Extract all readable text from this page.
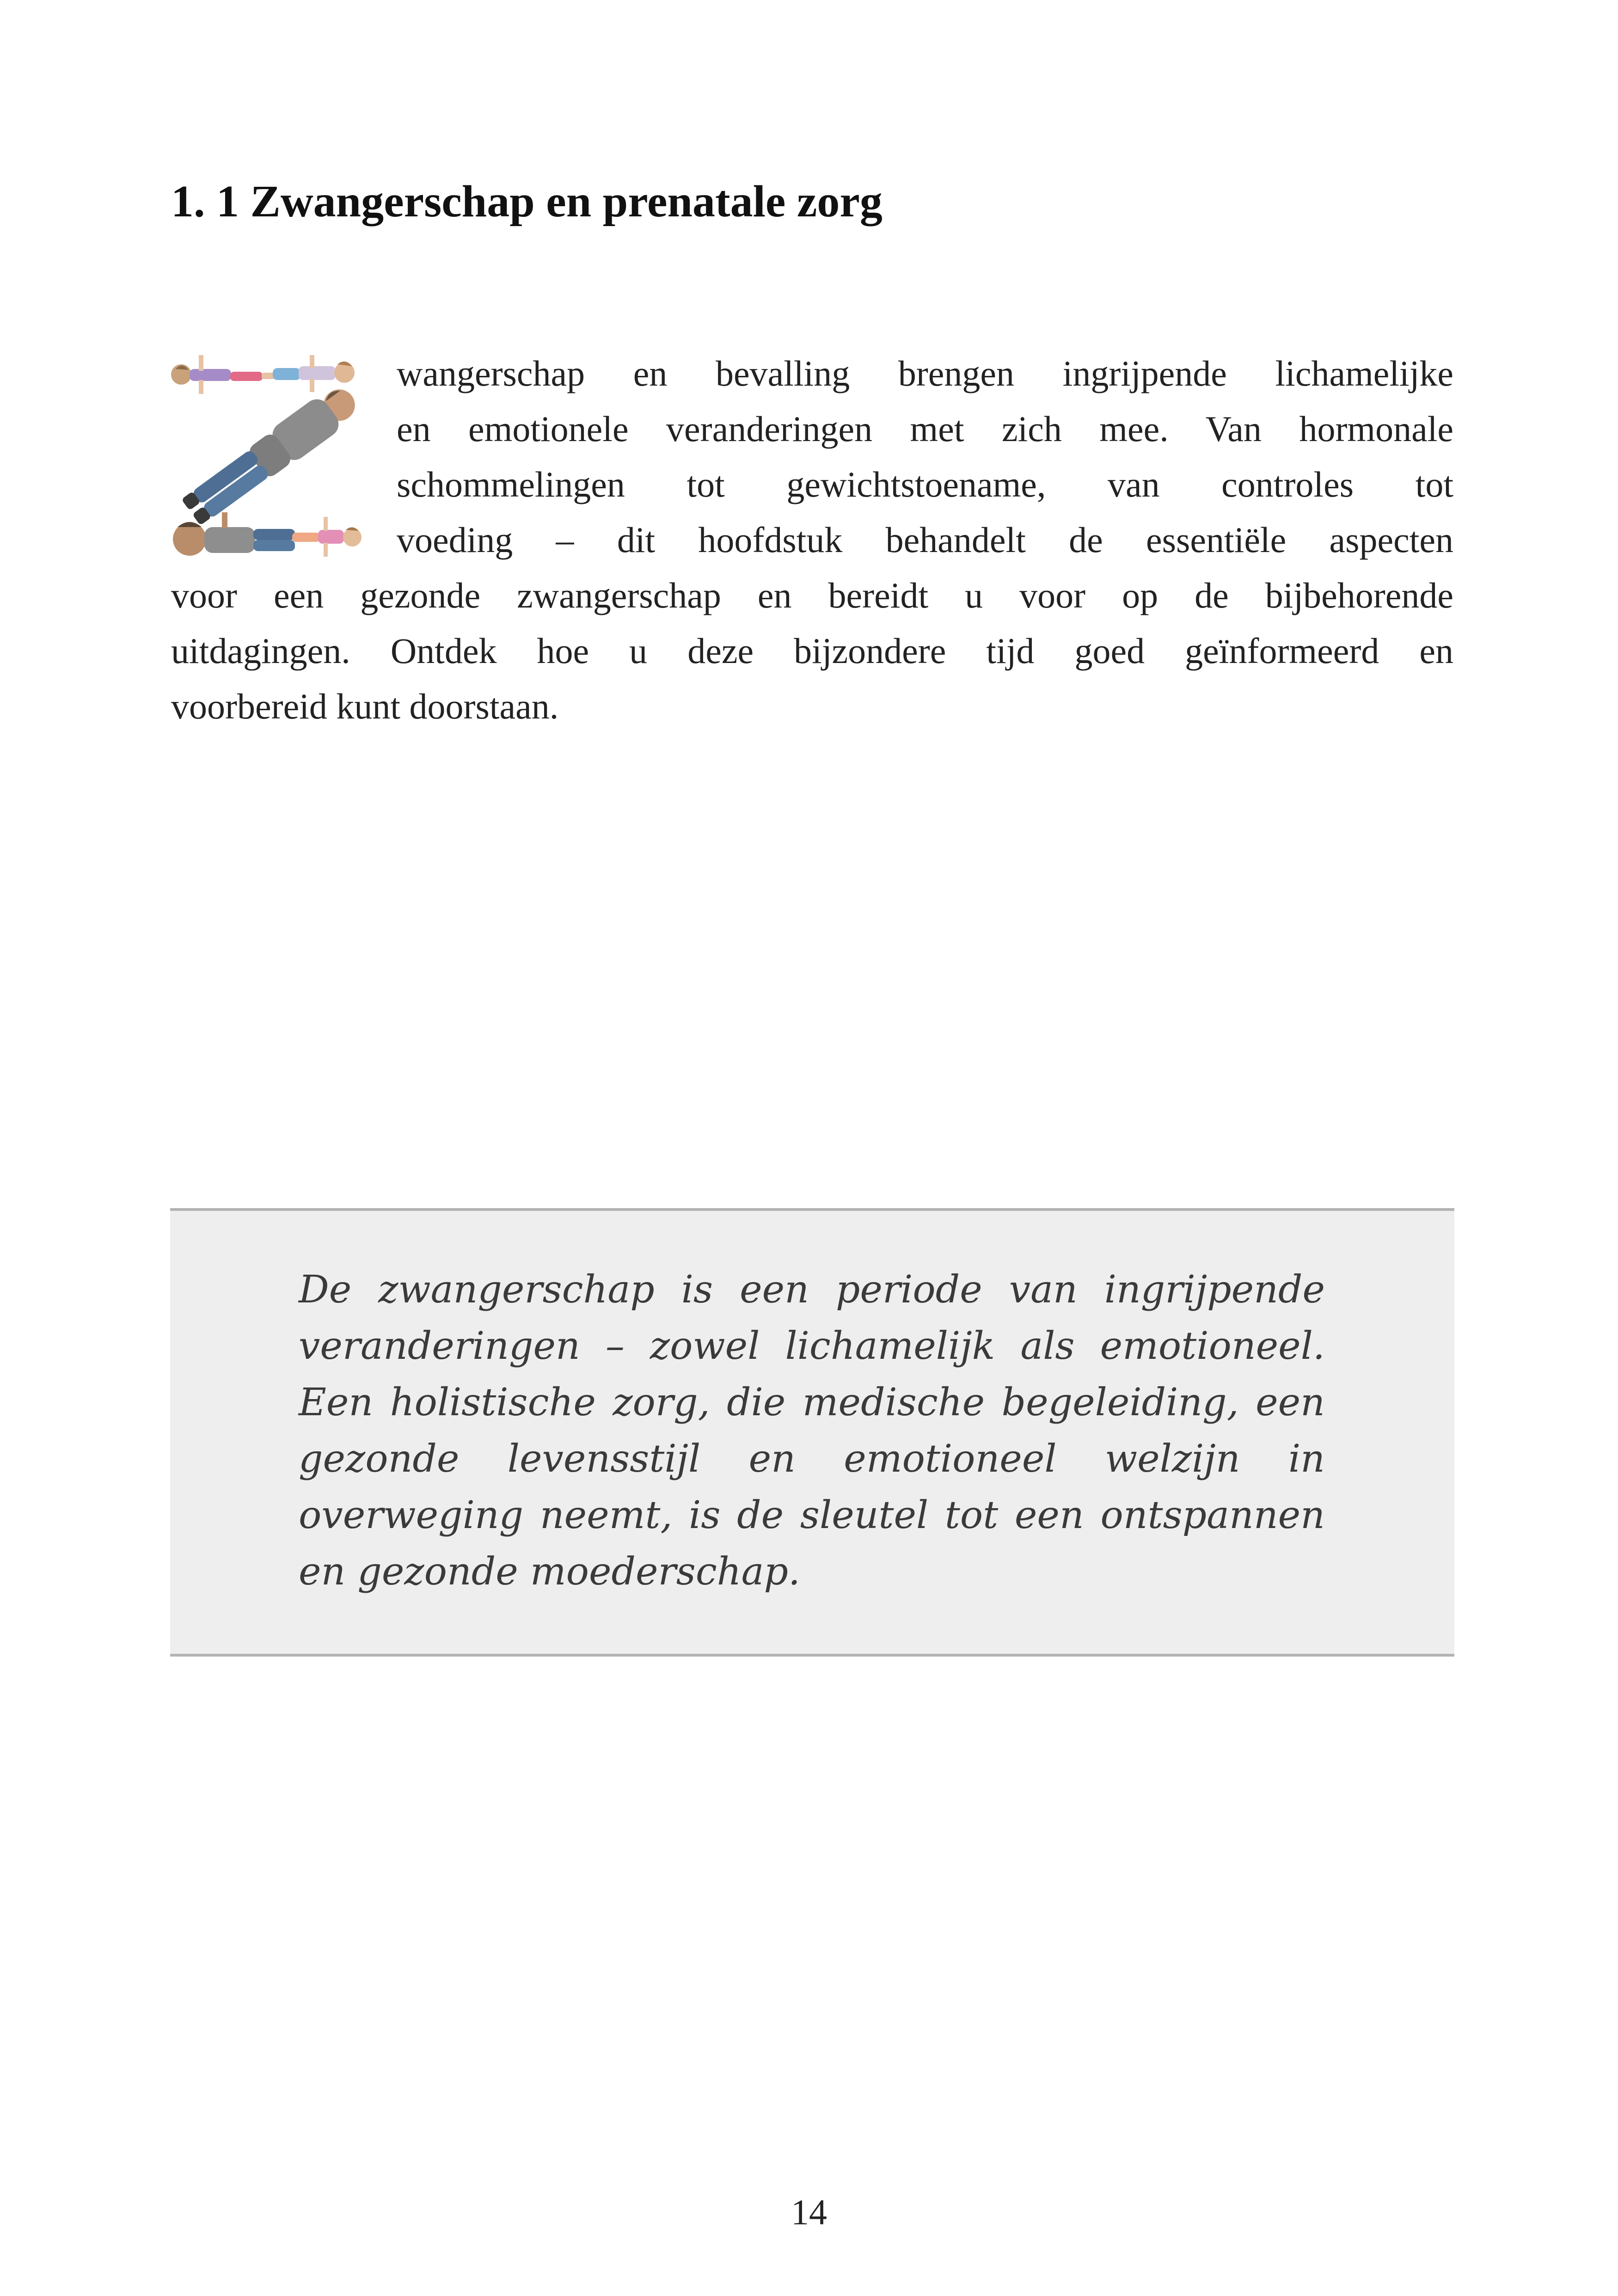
1. 1 Zwangerschap en prenatale zorg
wangerschap en bevalling brengen ingrijpende lichamelijke
en emotionele veranderingen met zich mee. Van hormonale
schommelingen tot gewichtstoename, van controles tot
voeding – dit hoofdstuk behandelt de essentiële aspecten
voor een gezonde zwangerschap en bereidt u voor op de bijbehorende
uitdagingen. Ontdek hoe u deze bijzondere tijd goed geïnformeerd en
voorbereid kunt doorstaan.
De zwangerschap is een periode van ingrijpende
veranderingen – zowel lichamelijk als emotioneel.
Een holistische zorg, die medische begeleiding, een
gezonde levensstijl en emotioneel welzijn in
overweging neemt, is de sleutel tot een ontspannen
en gezonde moederschap.
14
